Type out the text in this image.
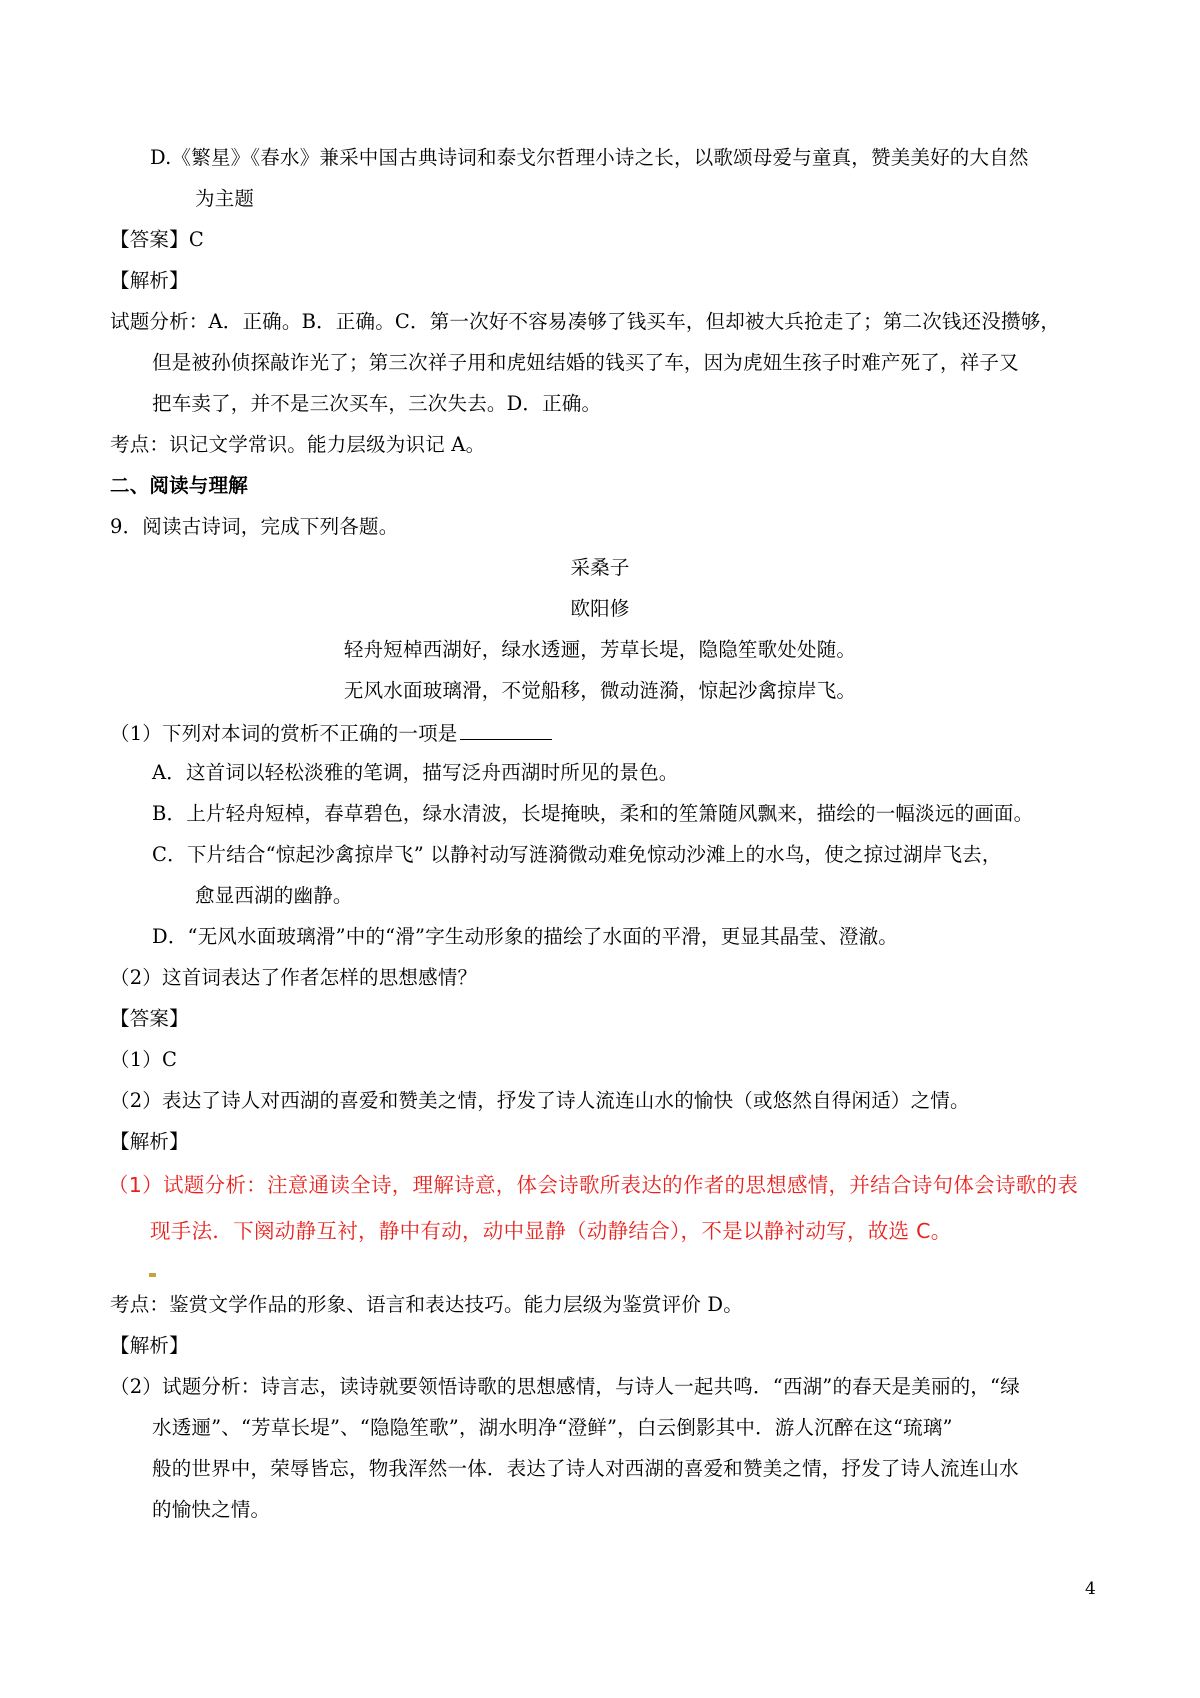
D.《繁星》《春水》兼采中国古典诗词和泰戈尔哲理小诗之长，以歌颂母爱与童真，赞美美好的大自然
为主题
【答案】C
【解析】
试题分析：A．正确。B．正确。C．第一次好不容易凑够了钱买车，但却被大兵抢走了；第二次钱还没攒够，
但是被孙侦探敲诈光了；第三次祥子用和虎妞结婚的钱买了车，因为虎妞生孩子时难产死了，祥子又
把车卖了，并不是三次买车，三次失去。D．正确。
考点：识记文学常识。能力层级为识记 A。
二、阅读与理解
9．阅读古诗词，完成下列各题。
采桑子
欧阳修
轻舟短棹西湖好，绿水透逦，芳草长堤，隐隐笙歌处处随。
无风水面玻璃滑，不觉船移，微动涟漪，惊起沙禽掠岸飞。
（1）下列对本词的赏析不正确的一项是
A．这首词以轻松淡雅的笔调，描写泛舟西湖时所见的景色。
B．上片轻舟短棹，春草碧色，绿水清波，长堤掩映，柔和的笙箫随风飘来，描绘的一幅淡远的画面。
C．下片结合“惊起沙禽掠岸飞” 以静衬动写涟漪微动难免惊动沙滩上的水鸟，使之掠过湖岸飞去，
愈显西湖的幽静。
D．“无风水面玻璃滑”中的“滑”字生动形象的描绘了水面的平滑，更显其晶莹、澄澈。
（2）这首词表达了作者怎样的思想感情？
【答案】
（1）C
（2）表达了诗人对西湖的喜爱和赞美之情，抒发了诗人流连山水的愉快（或悠然自得闲适）之情。
【解析】
（1）试题分析：注意通读全诗，理解诗意，体会诗歌所表达的作者的思想感情，并结合诗句体会诗歌的表
现手法．下阕动静互衬，静中有动，动中显静（动静结合），不是以静衬动写，故选 C。
考点：鉴赏文学作品的形象、语言和表达技巧。能力层级为鉴赏评价 D。
【解析】
（2）试题分析：诗言志，读诗就要领悟诗歌的思想感情，与诗人一起共鸣．“西湖”的春天是美丽的，“绿
水透逦”、“芳草长堤”、“隐隐笙歌”，湖水明净“澄鲜”，白云倒影其中．游人沉醉在这“琉璃”
般的世界中，荣辱皆忘，物我浑然一体．表达了诗人对西湖的喜爱和赞美之情，抒发了诗人流连山水
的愉快之情。
4
